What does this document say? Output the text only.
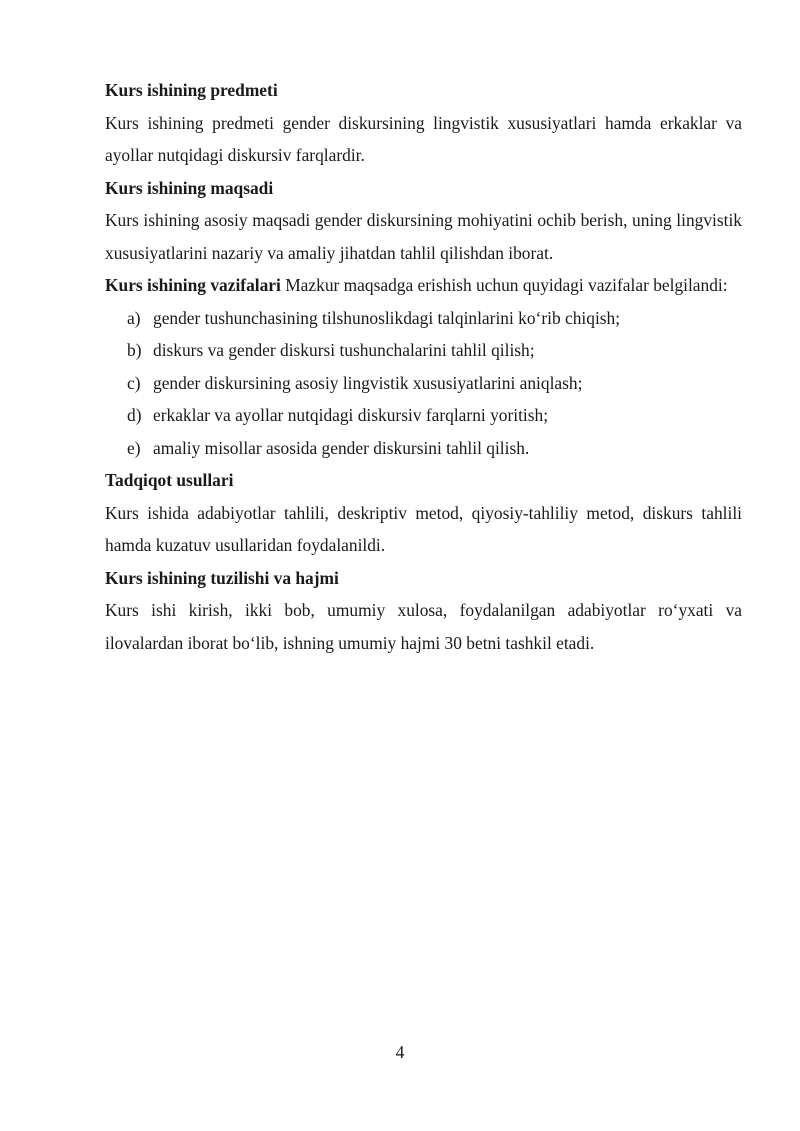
Kurs ishining predmeti

Kurs ishining predmeti gender diskursining lingvistik xususiyatlari hamda erkaklar va ayollar nutqidagi diskursiv farqlardir.

Kurs ishining maqsadi

Kurs ishining asosiy maqsadi gender diskursining mohiyatini ochib berish, uning lingvistik xususiyatlarini nazariy va amaliy jihatdan tahlil qilishdan iborat.

Kurs ishining vazifalari Mazkur maqsadga erishish uchun quyidagi vazifalar belgilandi:

a) gender tushunchasining tilshunoslikdagi talqinlarini koʻrib chiqish;
b) diskurs va gender diskursi tushunchalarini tahlil qilish;
c) gender diskursining asosiy lingvistik xususiyatlarini aniqlash;
d) erkaklar va ayollar nutqidagi diskursiv farqlarni yoritish;
e) amaliy misollar asosida gender diskursini tahlil qilish.

Tadqiqot usullari

Kurs ishida adabiyotlar tahlili, deskriptiv metod, qiyosiy-tahliliy metod, diskurs tahlili hamda kuzatuv usullaridan foydalanildi.

Kurs ishining tuzilishi va hajmi

Kurs ishi kirish, ikki bob, umumiy xulosa, foydalanilgan adabiyotlar roʻyxati va ilovalardan iborat boʻlib, ishning umumiy hajmi 30 betni tashkil etadi.

4
